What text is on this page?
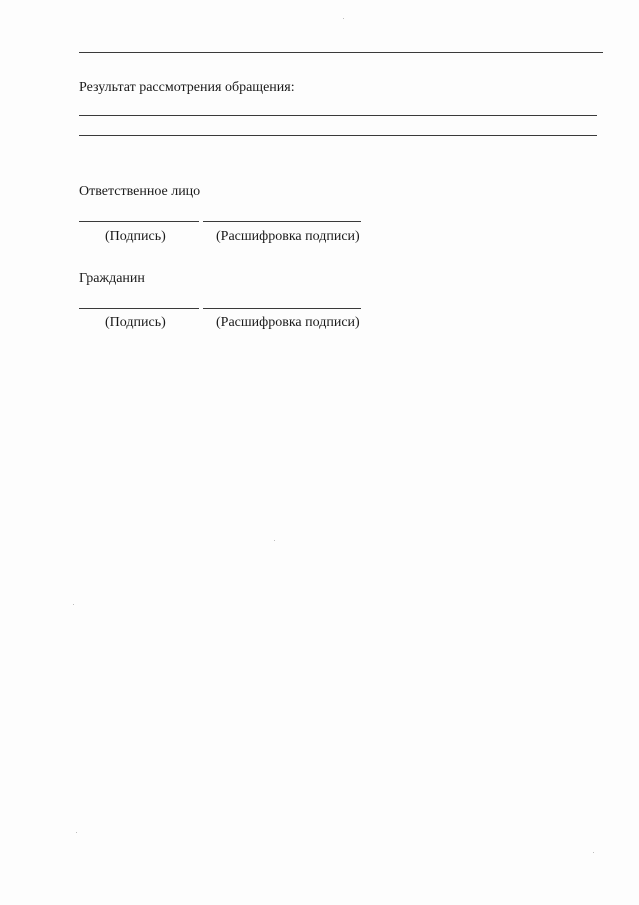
Результат рассмотрения обращения:
Ответственное лицо
(Подпись)	(Расшифровка подписи)
Гражданин
(Подпись)	(Расшифровка подписи)
